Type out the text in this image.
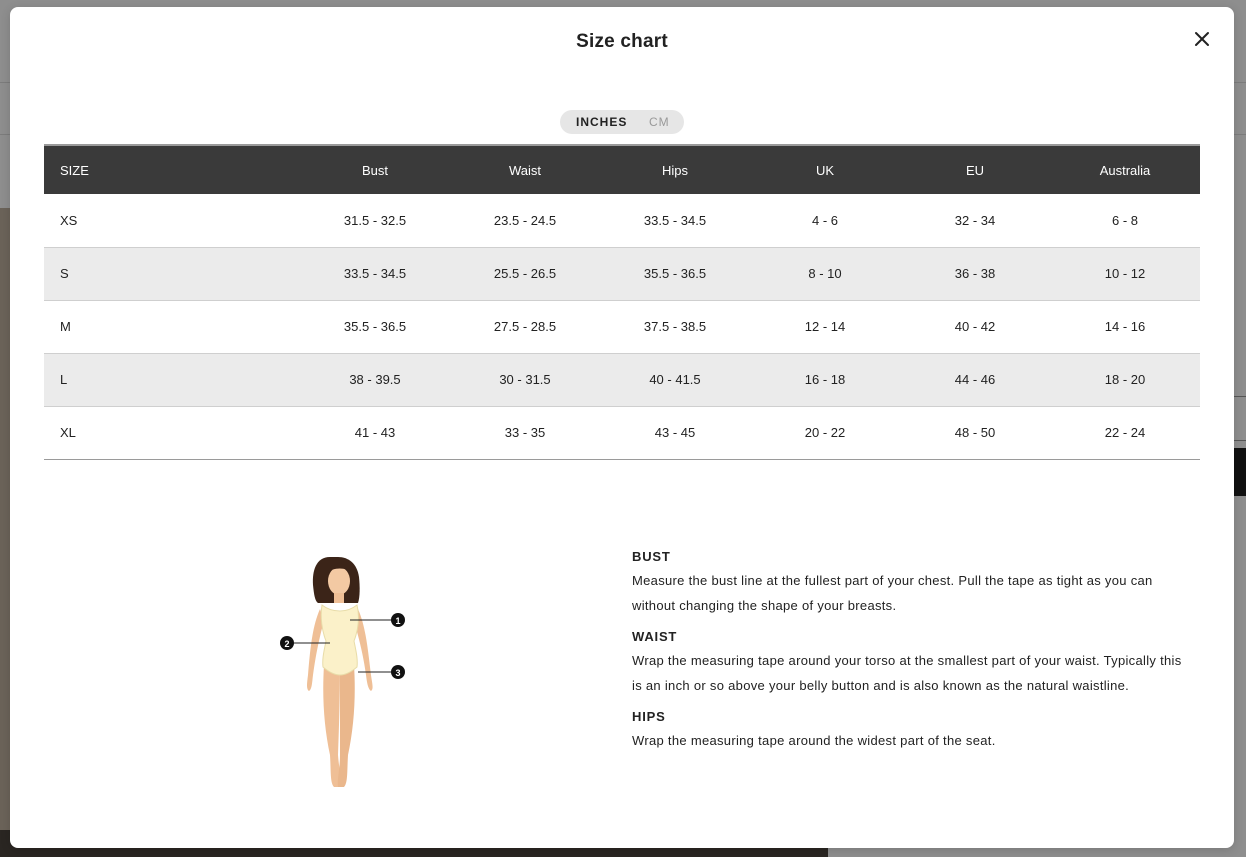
Size chart
INCHES CM
SIZE	Bust	Waist	Hips	UK	EU	Australia
XS	31.5 - 32.5	23.5 - 24.5	33.5 - 34.5	4 - 6	32 - 34	6 - 8
S	33.5 - 34.5	25.5 - 26.5	35.5 - 36.5	8 - 10	36 - 38	10 - 12
M	35.5 - 36.5	27.5 - 28.5	37.5 - 38.5	12 - 14	40 - 42	14 - 16
L	38 - 39.5	30 - 31.5	40 - 41.5	16 - 18	44 - 46	18 - 20
XL	41 - 43	33 - 35	43 - 45	20 - 22	48 - 50	22 - 24
1
2
3
BUST
Measure the bust line at the fullest part of your chest. Pull the tape as tight as you can without changing the shape of your breasts.
WAIST
Wrap the measuring tape around your torso at the smallest part of your waist. Typically this is an inch or so above your belly button and is also known as the natural waistline.
HIPS
Wrap the measuring tape around the widest part of the seat.
